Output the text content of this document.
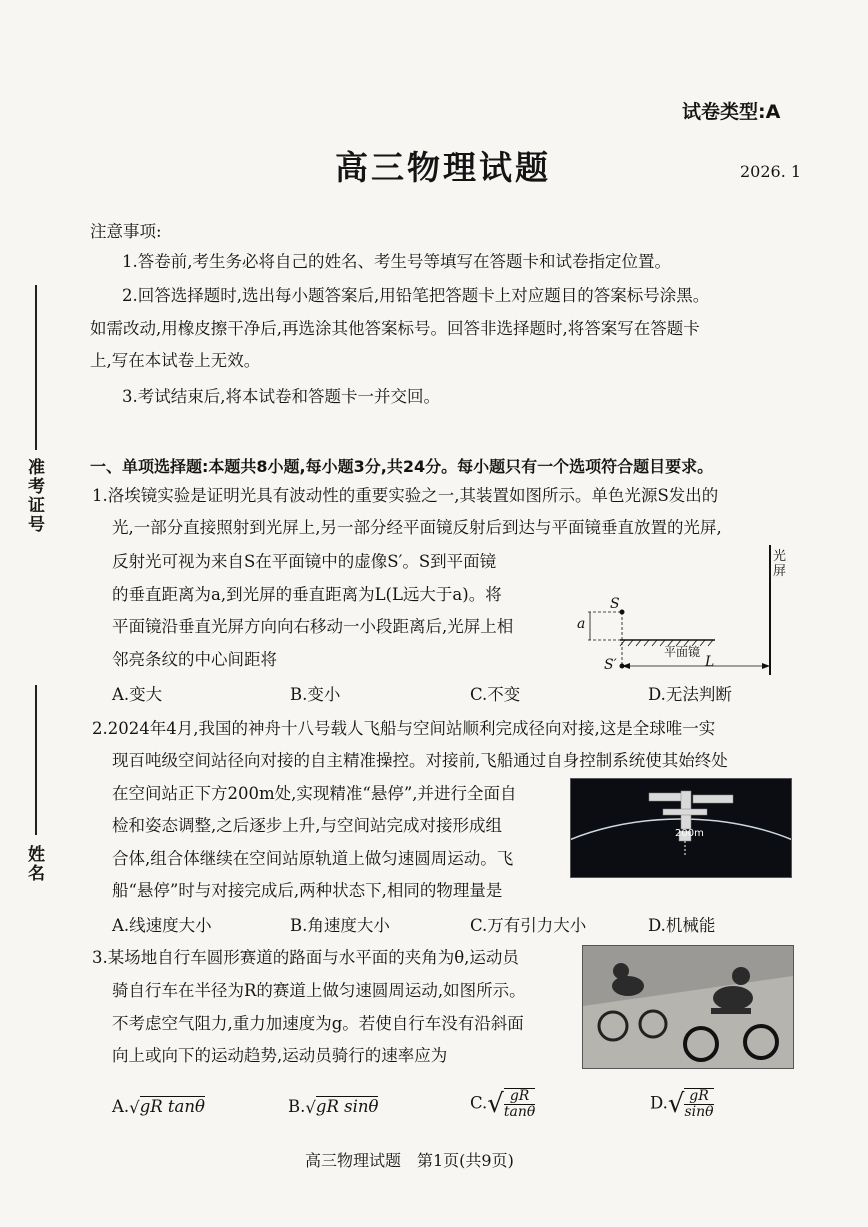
准考证号
姓名
试卷类型:A
高三物理试题	2026. 1
注意事项:
1.答卷前,考生务必将自己的姓名、考生号等填写在答题卡和试卷指定位置。
2.回答选择题时,选出每小题答案后,用铅笔把答题卡上对应题目的答案标号涂黑。
如需改动,用橡皮擦干净后,再选涂其他答案标号。回答非选择题时,将答案写在答题卡
上,写在本试卷上无效。
3.考试结束后,将本试卷和答题卡一并交回。
一、单项选择题:本题共8小题,每小题3分,共24分。每小题只有一个选项符合题目要求。
1.洛埃镜实验是证明光具有波动性的重要实验之一,其装置如图所示。单色光源S发出的
光,一部分直接照射到光屏上,另一部分经平面镜反射后到达与平面镜垂直放置的光屏,
反射光可视为来自S在平面镜中的虚像S′。S到平面镜
的垂直距离为a,到光屏的垂直距离为L(L远大于a)。将
平面镜沿垂直光屏方向向右移动一小段距离后,光屏上相
邻亮条纹的中心间距将
光
屏
S
S′
a
平面镜
L
A.变大	B.变小	C.不变	D.无法判断
2.2024年4月,我国的神舟十八号载人飞船与空间站顺利完成径向对接,这是全球唯一实
现百吨级空间站径向对接的自主精准操控。对接前,飞船通过自身控制系统使其始终处
在空间站正下方200m处,实现精准“悬停”,并进行全面自
检和姿态调整,之后逐步上升,与空间站完成对接形成组
合体,组合体继续在空间站原轨道上做匀速圆周运动。飞
船“悬停”时与对接完成后,两种状态下,相同的物理量是
200m
A.线速度大小	B.角速度大小	C.万有引力大小	D.机械能
3.某场地自行车圆形赛道的路面与水平面的夹角为θ,运动员
骑自行车在半径为R的赛道上做匀速圆周运动,如图所示。
不考虑空气阻力,重力加速度为g。若使自行车没有沿斜面
向上或向下的运动趋势,运动员骑行的速率应为
A.√gR tanθ	B.√gR sinθ	$C.√ \frac{gR}{\tan\theta}$	$D.√ \frac{gR}{\sin\theta}$
高三物理试题　第1页(共9页)
